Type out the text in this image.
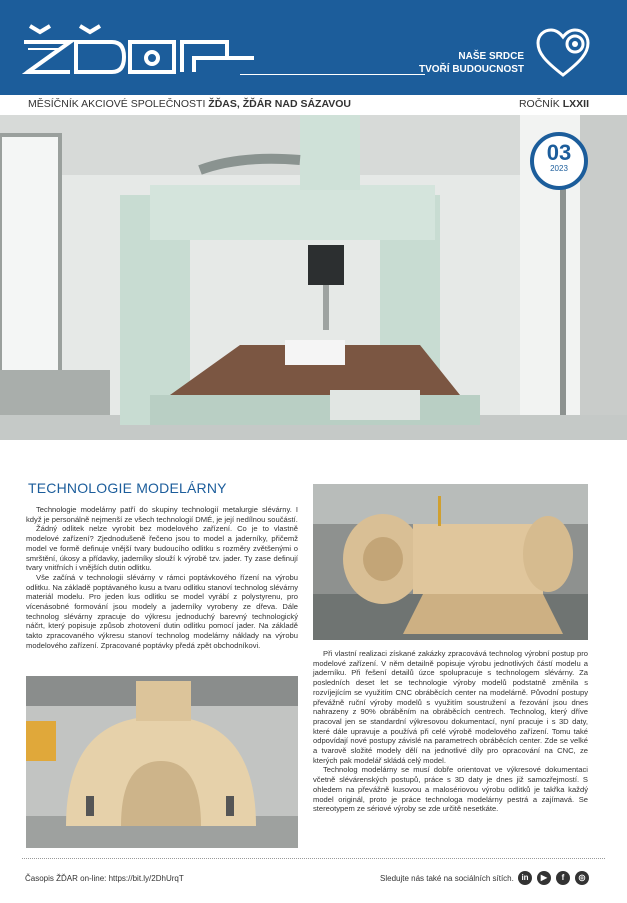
NAŠE SRDCE
TVOŘÍ BUDOUCNOST
MĚSÍČNÍK AKCIOVÉ SPOLEČNOSTI ŽĎAS, ŽĎÁR NAD SÁZAVOU	ROČNÍK LXXII
03
2023
TECHNOLOGIE MODELÁRNY

Technologie modelárny patří do skupiny technologií metalurgie slévárny. I když je personálně nejmenší ze všech technologií DMÉ, je její nedílnou součástí.

Žádný odlitek nelze vyrobit bez modelového zařízení. Co je to vlastně modelové zařízení? Zjednodušeně řečeno jsou to model a jaderníky, přičemž model ve formě definuje vnější tvary budoucího odlitku s rozměry zvětšenými o smrštění, úkosy a přídavky, jaderníky slouží k výrobě tzv. jader. Ty zase definují tvary vnitřních i vnějších dutin odlitku.

Vše začíná v technologii slévárny v rámci poptávkového řízení na výrobu odlitku. Na základě poptávaného kusu a tvaru odlitku stanoví technolog slévárny materiál modelu. Pro jeden kus odlitku se model vyrábí z polystyrenu, pro vícenásobné formování jsou modely a jaderníky vyrobeny ze dřeva. Dále technolog slévárny zpracuje do výkresu jednoduchý barevný technologický náčrt, který popisuje způsob zhotovení dutin odlitku pomocí jader. Na základě takto zpracovaného výkresu stanoví technolog modelárny náklady na výrobu modelového zařízení. Zpracované poptávky předá zpět obchodníkovi.

Při vlastní realizaci získané zakázky zpracovává technolog výrobní postup pro modelové zařízení. V něm detailně popisuje výrobu jednotlivých částí modelu a jaderníku. Při řešení detailů úzce spolupracuje s technologem slévárny. Za posledních deset let se technologie výroby modelů podstatně změnila s rozvíjejícím se využitím CNC obráběcích center na modelárně. Původní postupy převážně ruční výroby modelů s využitím soustružení a řezování jsou dnes nahrazeny z 90% obráběním na obráběcích centrech. Technolog, který dříve pracoval jen se standardní výkresovou dokumentací, nyní pracuje i s 3D daty, které dále upravuje a používá při celé výrobě modelového zařízení. Tomu také odpovídají nové postupy závislé na parametrech obráběcích center. Zde se velké a tvarově složité modely dělí na jednotlivé díly pro opracování na CNC, ze kterých pak modelář skládá celý model.

Technolog modelárny se musí dobře orientovat ve výkresové dokumentaci včetně slévárenských postupů, práce s 3D daty je dnes již samozřejmostí. S ohledem na převážně kusovou a malosériovou výrobu odlitků je takřka každý model originál, proto je práce technologa modelárny pestrá a zajímavá. Se stereotypem ze sériové výroby se zde určitě nesetkáte.

Časopis ŽĎAR on-line: https://bit.ly/2DhUrqT	Sledujte nás také na sociálních sítích. in	▶	f	◎
